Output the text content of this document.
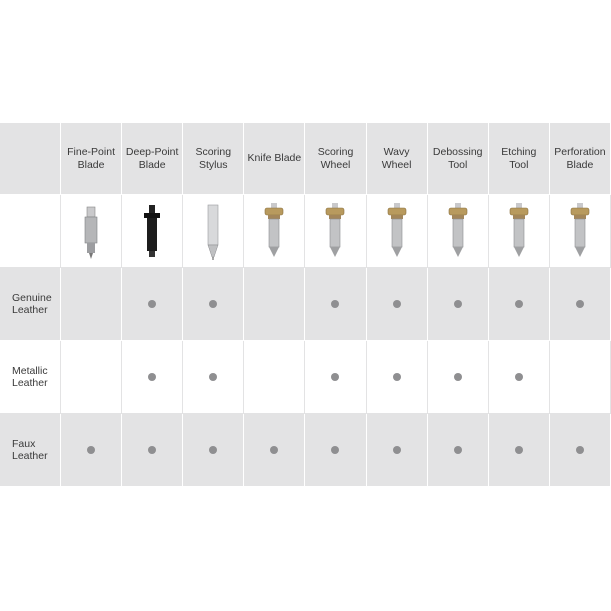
Fine-Point Blade
Deep-Point Blade
Scoring Stylus
Knife Blade
Scoring Wheel
Wavy Wheel
Debossing Tool
Etching Tool
Perforation Blade
Genuine Leather
Metallic Leather
Faux Leather
